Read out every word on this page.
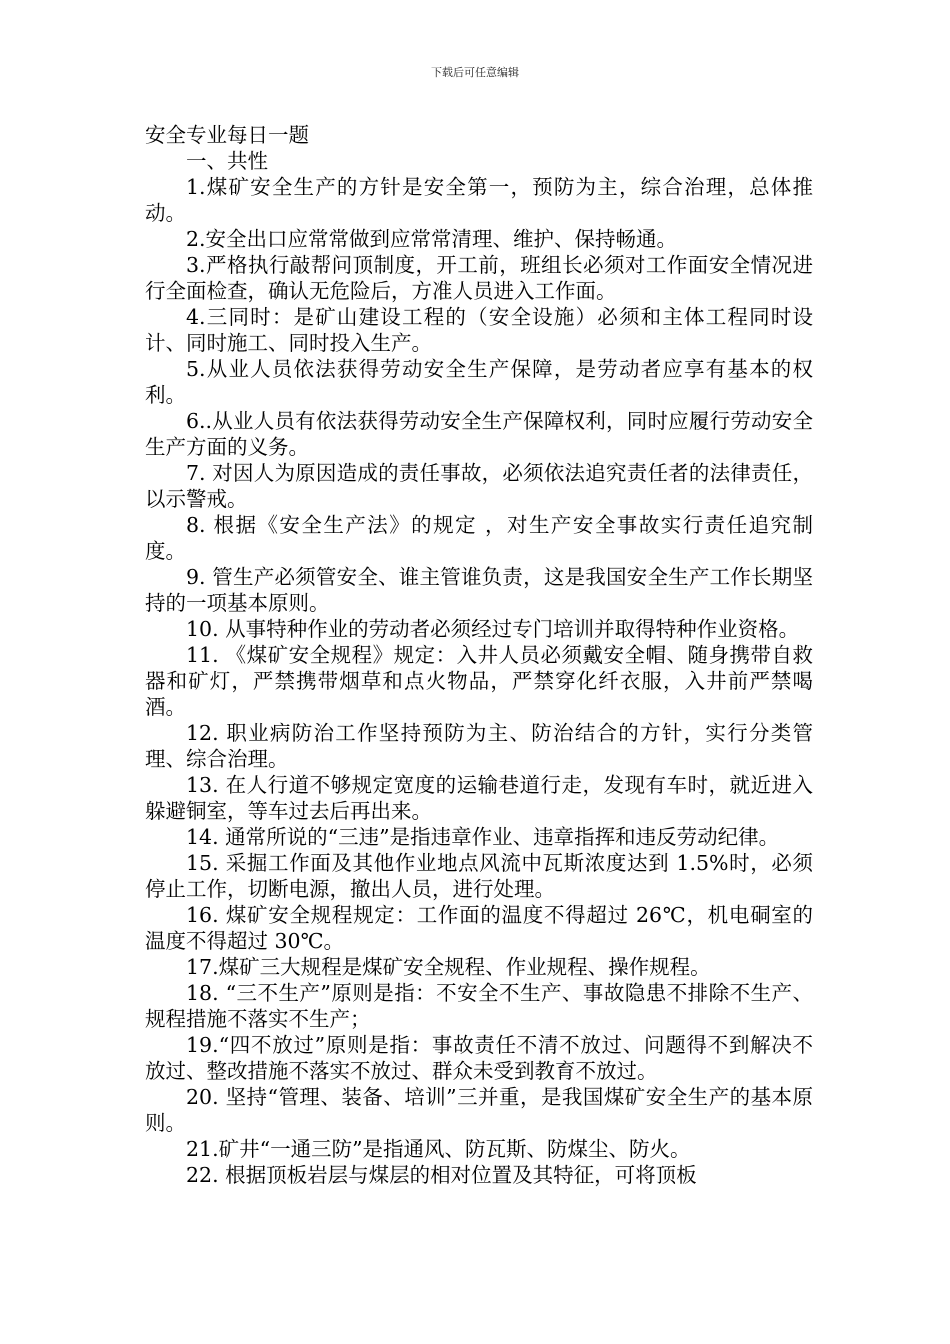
下载后可任意编辑

安全专业每日一题

一、共性

1.煤矿安全生产的方针是安全第一，预防为主，综合治理，总体推动。

2.安全出口应常常做到应常常清理、维护、保持畅通。

3.严格执行敲帮问顶制度，开工前，班组长必须对工作面安全情况进行全面检查，确认无危险后，方准人员进入工作面。

4.三同时：是矿山建设工程的（安全设施）必须和主体工程同时设计、同时施工、同时投入生产。

5.从业人员依法获得劳动安全生产保障，是劳动者应享有基本的权利。

6..从业人员有依法获得劳动安全生产保障权利，同时应履行劳动安全生产方面的义务。

7. 对因人为原因造成的责任事故，必须依法追究责任者的法律责任，以示警戒。

8. 根据《安全生产法》的规定 ，对生产安全事故实行责任追究制度。

9. 管生产必须管安全、谁主管谁负责，这是我国安全生产工作长期坚持的一项基本原则。

10. 从事特种作业的劳动者必须经过专门培训并取得特种作业资格。

11. 《煤矿安全规程》规定：入井人员必须戴安全帽、随身携带自救器和矿灯，严禁携带烟草和点火物品，严禁穿化纤衣服，入井前严禁喝酒。

12. 职业病防治工作坚持预防为主、防治结合的方针，实行分类管理、综合治理。

13. 在人行道不够规定宽度的运输巷道行走，发现有车时，就近进入躲避铜室，等车过去后再出来。

14. 通常所说的“三违”是指违章作业、违章指挥和违反劳动纪律。

15. 采掘工作面及其他作业地点风流中瓦斯浓度达到 1.5%时，必须停止工作，切断电源，撤出人员，进行处理。

16. 煤矿安全规程规定：工作面的温度不得超过 26℃，机电硐室的温度不得超过 30℃。

17.煤矿三大规程是煤矿安全规程、作业规程、操作规程。

18. “三不生产”原则是指：不安全不生产、事故隐患不排除不生产、规程措施不落实不生产；

19.“四不放过”原则是指：事故责任不清不放过、问题得不到解决不放过、整改措施不落实不放过、群众未受到教育不放过。

20. 坚持“管理、装备、培训”三并重，是我国煤矿安全生产的基本原则。

21.矿井“一通三防”是指通风、防瓦斯、防煤尘、防火。

22. 根据顶板岩层与煤层的相对位置及其特征，可将顶板
